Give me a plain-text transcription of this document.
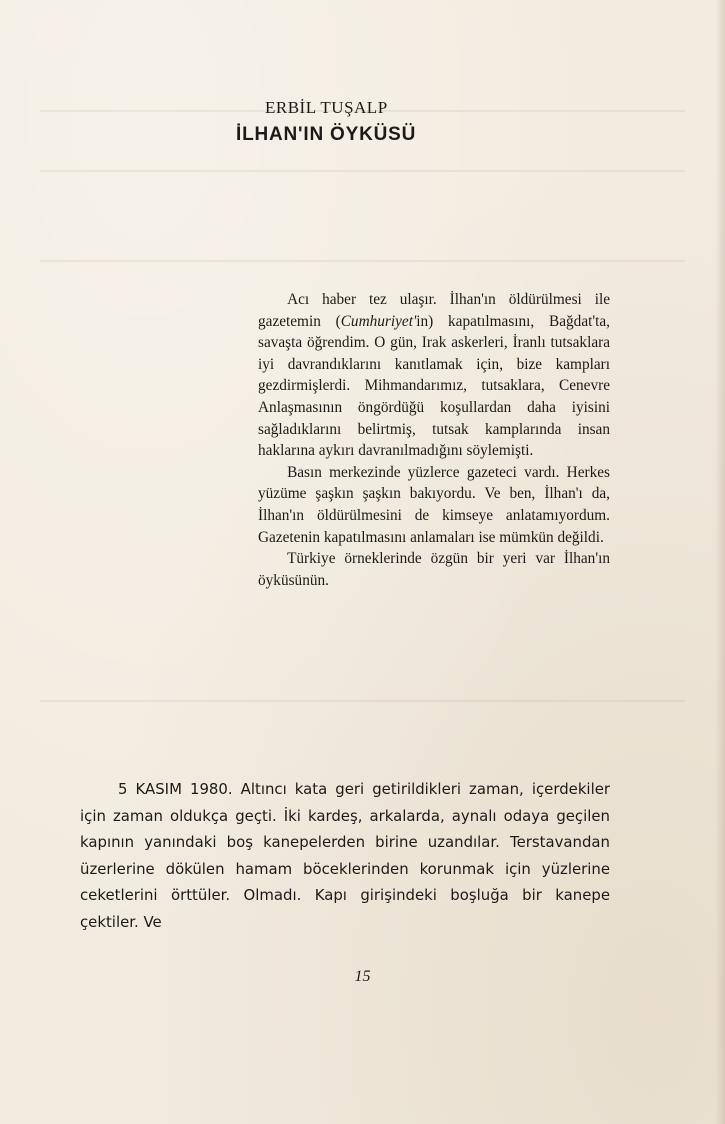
ERBİL TUŞALP
İLHAN'IN ÖYKÜSÜ

Acı haber tez ulaşır. İlhan'ın öldürülmesi ile gazetemin (Cumhuriyet'in) kapatılmasını, Bağdat'ta, savaşta öğrendim. O gün, Irak askerleri, İranlı tutsaklara iyi davrandıklarını kanıtlamak için, bize kampları gezdirmişlerdi. Mihmandarımız, tutsaklara, Cenevre Anlaşmasının öngördüğü koşullardan daha iyisini sağladıklarını belirtmiş, tutsak kamplarında insan haklarına aykırı davranılmadığını söylemişti.

Basın merkezinde yüzlerce gazeteci vardı. Herkes yüzüme şaşkın şaşkın bakıyordu. Ve ben, İlhan'ı da, İlhan'ın öldürülmesini de kimseye anlatamıyordum. Gazetenin kapatılmasını anlamaları ise mümkün değildi.

Türkiye örneklerinde özgün bir yeri var İlhan'ın öyküsünün.

5 KASIM 1980. Altıncı kata geri getirildikleri zaman, içerdekiler için zaman oldukça geçti. İki kardeş, arkalarda, aynalı odaya geçilen kapının yanındaki boş kanepelerden birine uzandılar. Terstavandan üzerlerine dökülen hamam böceklerinden korunmak için yüzlerine ceketlerini örttüler. Olmadı. Kapı girişindeki boşluğa bir kanepe çektiler. Ve

15
